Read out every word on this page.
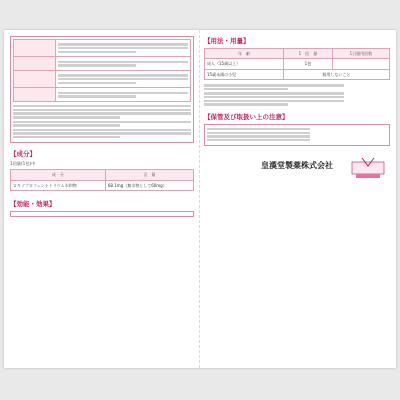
【成分】
1回量(1包)中
成　分	含　量
ロキソプロフェンナトリウム水和物	68.1mg（無水物として60mg）
【効能・効果】
【用法・用量】
年　齢	1　回　量	1日服用回数
成人（15歳以上）	1包	
15歳未満の小児	服用しないこと	
【保管及び取扱い上の注意】
皇漢堂製薬株式会社
